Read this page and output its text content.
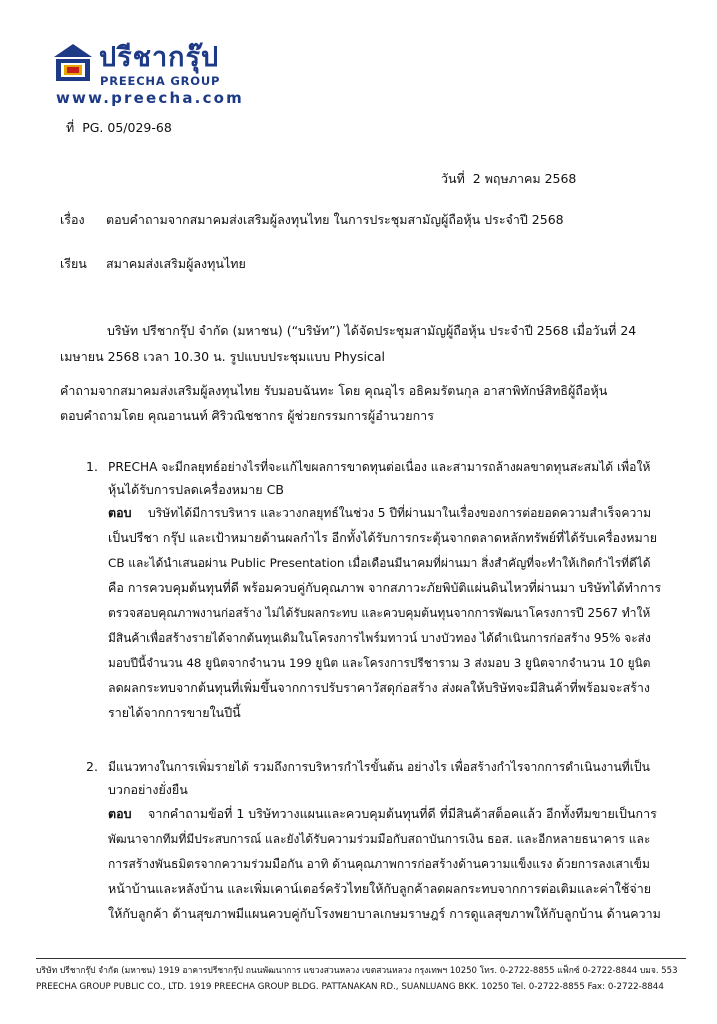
ปรีชากรุ๊ป
PREECHA GROUP
www.preecha.com
ที่ PG. 05/029-68
วันที่ 2 พฤษภาคม 2568
เรื่อง ตอบคำถามจากสมาคมส่งเสริมผู้ลงทุนไทย ในการประชุมสามัญผู้ถือหุ้น ประจำปี 2568
เรียน สมาคมส่งเสริมผู้ลงทุนไทย
บริษัท ปรีชากรุ๊ป จำกัด (มหาชน) (“บริษัท”) ได้จัดประชุมสามัญผู้ถือหุ้น ประจำปี 2568 เมื่อวันที่ 24
เมษายน 2568 เวลา 10.30 น. รูปแบบประชุมแบบ Physical
คำถามจากสมาคมส่งเสริมผู้ลงทุนไทย รับมอบฉันทะ โดย คุณอุไร อธิคมรัตนกุล อาสาพิทักษ์สิทธิผู้ถือหุ้น
ตอบคำถามโดย คุณอานนท์ ศิริวณิชชากร ผู้ช่วยกรรมการผู้อำนวยการ
1. PRECHA จะมีกลยุทธ์อย่างไรที่จะแก้ไขผลการขาดทุนต่อเนื่อง และสามารถล้างผลขาดทุนสะสมได้ เพื่อให้
หุ้นได้รับการปลดเครื่องหมาย CB
ตอบ บริษัทได้มีการบริหาร และวางกลยุทธ์ในช่วง 5 ปีที่ผ่านมาในเรื่องของการต่อยอดความสำเร็จความ
เป็นปรีชา กรุ๊ป และเป้าหมายด้านผลกำไร อีกทั้งได้รับการกระตุ้นจากตลาดหลักทรัพย์ที่ได้รับเครื่องหมาย
CB และได้นำเสนอผ่าน Public Presentation เมื่อเดือนมีนาคมที่ผ่านมา สิ่งสำคัญที่จะทำให้เกิดกำไรที่ดีได้
คือ การควบคุมต้นทุนที่ดี พร้อมควบคู่กับคุณภาพ จากสภาวะภัยพิบัติแผ่นดินไหวที่ผ่านมา บริษัทได้ทำการ
ตรวจสอบคุณภาพงานก่อสร้าง ไม่ได้รับผลกระทบ และควบคุมต้นทุนจากการพัฒนาโครงการปี 2567 ทำให้
มีสินค้าเพื่อสร้างรายได้จากต้นทุนเดิมในโครงการไพร์มทาวน์ บางบัวทอง ได้ดำเนินการก่อสร้าง 95% จะส่ง
มอบปีนี้จำนวน 48 ยูนิตจากจำนวน 199 ยูนิต และโครงการปรีชาราม 3 ส่งมอบ 3 ยูนิตจากจำนวน 10 ยูนิต
ลดผลกระทบจากต้นทุนที่เพิ่มขึ้นจากการปรับราคาวัสดุก่อสร้าง ส่งผลให้บริษัทจะมีสินค้าที่พร้อมจะสร้าง
รายได้จากการขายในปีนี้
2. มีแนวทางในการเพิ่มรายได้ รวมถึงการบริหารกำไรขั้นต้น อย่างไร เพื่อสร้างกำไรจากการดำเนินงานที่เป็น
บวกอย่างยั่งยืน
ตอบ จากคำถามข้อที่ 1 บริษัทวางแผนและควบคุมต้นทุนที่ดี ที่มีสินค้าสต็อคแล้ว อีกทั้งทีมขายเป็นการ
พัฒนาจากทีมที่มีประสบการณ์ และยังได้รับความร่วมมือกับสถาบันการเงิน ธอส. และอีกหลายธนาคาร และ
การสร้างพันธมิตรจากความร่วมมือกัน อาทิ ด้านคุณภาพการก่อสร้างด้านความแข็งแรง ด้วยการลงเสาเข็ม
หน้าบ้านและหลังบ้าน และเพิ่มเคาน์เตอร์ครัวไทยให้กับลูกค้าลดผลกระทบจากการต่อเติมและค่าใช้จ่าย
ให้กับลูกค้า ด้านสุขภาพมีแผนควบคู่กับโรงพยาบาลเกษมราษฎร์ การดูแลสุขภาพให้กับลูกบ้าน ด้านความ
บริษัท ปรีชากรุ๊ป จำกัด (มหาชน) 1919 อาคารปรีชากรุ๊ป ถนนพัฒนาการ แขวงสวนหลวง เขตสวนหลวง กรุงเทพฯ 10250 โทร. 0-2722-8855 แฟ็กซ์ 0-2722-8844 บมจ. 553
PREECHA GROUP PUBLIC CO., LTD. 1919 PREECHA GROUP BLDG. PATTANAKAN RD., SUANLUANG BKK. 10250 Tel. 0-2722-8855 Fax: 0-2722-8844
